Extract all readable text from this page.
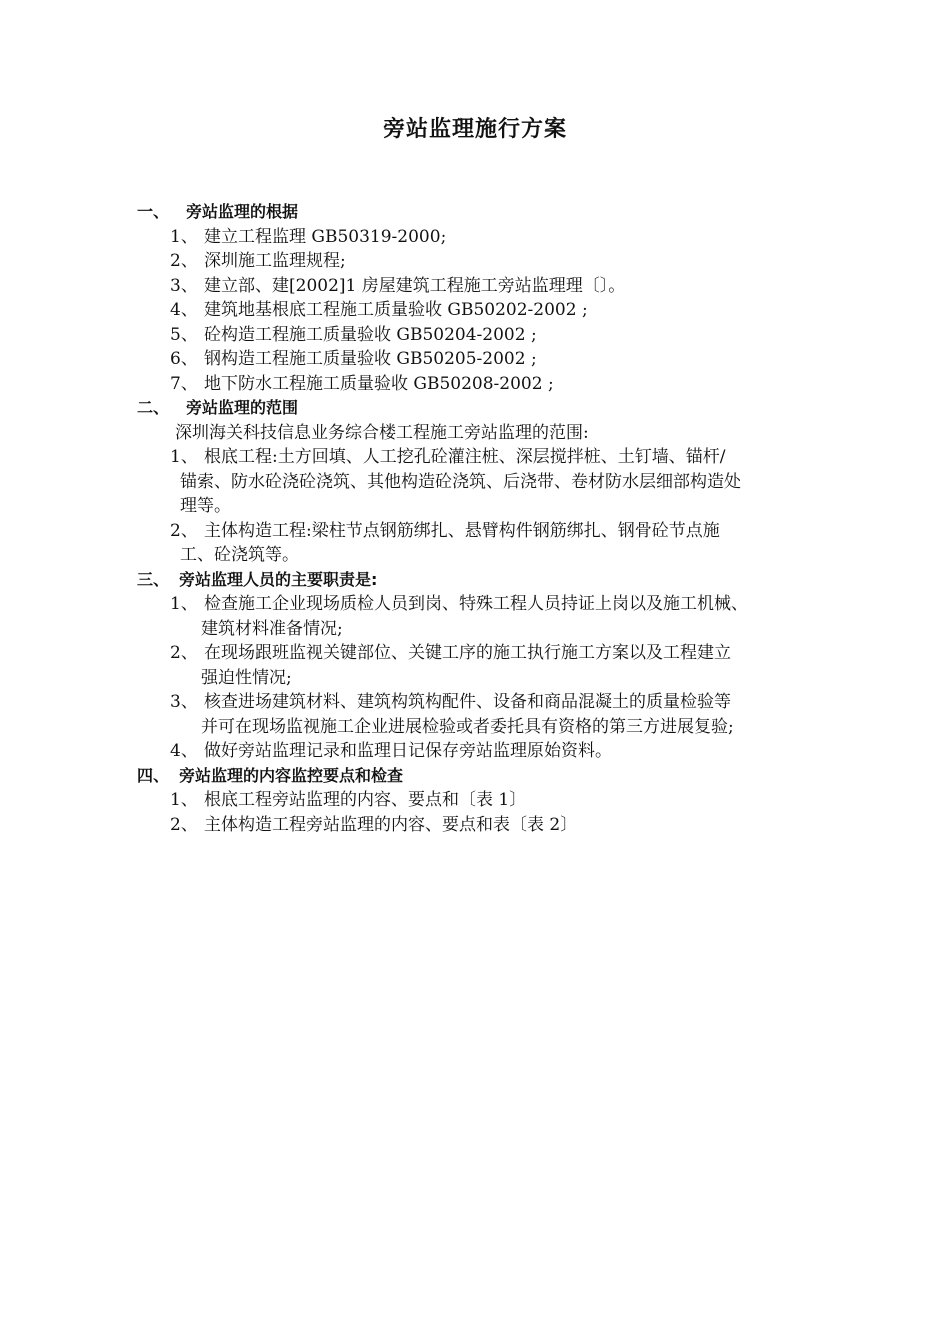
旁站监理施行方案
一、 旁站监理的根据
1、 建立工程监理 GB50319-2000;
2、 深圳施工监理规程;
3、 建立部、建[2002]1 房屋建筑工程施工旁站监理理〔〕。
4、 建筑地基根底工程施工质量验收 GB50202-2002 ;
5、 砼构造工程施工质量验收 GB50204-2002 ;
6、 钢构造工程施工质量验收 GB50205-2002 ;
7、 地下防水工程施工质量验收 GB50208-2002 ;
二、 旁站监理的范围
深圳海关科技信息业务综合楼工程施工旁站监理的范围:
1、 根底工程:土方回填、人工挖孔砼灌注桩、深层搅拌桩、土钉墙、锚杆/

锚索、防水砼浇砼浇筑、其他构造砼浇筑、后浇带、卷材防水层细部构造处
理等。
2、 主体构造工程:梁柱节点钢筋绑扎、悬臂构件钢筋绑扎、钢骨砼节点施

工、砼浇筑等。
三、 旁站监理人员的主要职责是:
1、 检查施工企业现场质检人员到岗、特殊工程人员持证上岗以及施工机械、

建筑材料准备情况;
2、 在现场跟班监视关键部位、关键工序的施工执行施工方案以及工程建立

强迫性情况;
3、 核查进场建筑材料、建筑构筑构配件、设备和商品混凝土的质量检验等

并可在现场监视施工企业进展检验或者委托具有资格的第三方进展复验;
4、 做好旁站监理记录和监理日记保存旁站监理原始资料。
四、 旁站监理的内容监控要点和检查
1、 根底工程旁站监理的内容、要点和〔表 1〕
2、 主体构造工程旁站监理的内容、要点和表〔表 2〕
